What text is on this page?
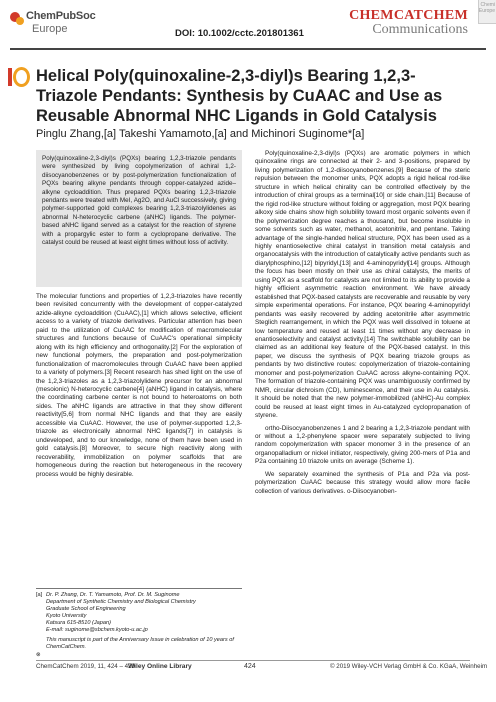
ChemPubSoc
Europe	DOI: 10.1002/cctc.201801361
CHEMCATCHEM
Communications
Chemi
Europe
Helical Poly(quinoxaline-2,3-diyl)s Bearing 1,2,3-Triazole Pendants: Synthesis by CuAAC and Use as Reusable Abnormal NHC Ligands in Gold Catalysis
Pinglu Zhang,[a] Takeshi Yamamoto,[a] and Michinori Suginome*[a]
Poly(quinoxaline-2,3-diyl)s (PQXs) bearing 1,2,3-triazole pendants were synthesized by living copolymerization of achiral 1,2-diisocyanobenzenes or by post-polymerization functionalization of PQXs bearing alkyne pendants through copper-catalyzed azide–alkyne cycloaddition. Thus prepared PQXs bearing 1,2,3-triazole pendants were treated with MeI, Ag2O, and AuCl successively, giving polymer-supported gold complexes bearing 1,2,3-triazolylidenes as abnormal N-heterocyclic carbene (aNHC) ligands. The polymer-based aNHC ligand served as a catalyst for the reaction of styrene with a propargylic ester to form a cyclopropane derivative. The catalyst could be reused at least eight times without loss of activity.

The molecular functions and properties of 1,2,3-triazoles have recently been revisited concurrently with the development of copper-catalyzed azide-alkyne cycloaddition (CuAAC),[1] which allows selective, efficient access to a variety of triazole derivatives. Particular attention has been paid to the utilization of CuAAC for modification of macromolecular structures and functions because of CuAAC's operational simplicity along with its high efficiency and orthogonality.[2] For the exploration of new functional polymers, the preparation and post-polymerization functionalization of macromolecules through CuAAC have been applied to a variety of polymers.[3] Recent research has shed light on the use of the 1,2,3-triazoles as a 1,2,3-triazolylidene precursor for an abnormal (mesoionic) N-heterocyclic carbene[4] (aNHC) ligand in catalysis, where the coordinating carbene center is not bound to heteroatoms on both sides. The aNHC ligands are attractive in that they show different reactivity[5,6] from normal NHC ligands and that they are easily accessible via CuAAC. However, the use of polymer-supported 1,2,3-triazole as electronically abnormal NHC ligands[7] in catalysis is undeveloped, and to our knowledge, none of them have been used in gold catalysis.[8] Moreover, to secure high reactivity along with recoverability, immobilization on polymer scaffolds that are homogeneous during the reaction but heterogeneous in the recovery process would be highly desirable.

Poly(quinoxaline-2,3-diyl)s (PQXs) are aromatic polymers in which quinoxaline rings are connected at their 2- and 3-positions, prepared by living polymerization of 1,2-diisocyanobenzenes.[9] Because of the steric repulsion between the monomer units, PQX adopts a rigid helical rod-like structure in which helical chirality can be controlled effectively by the introduction of chiral groups as a terminal[10] or side chain.[11] Because of the rigid rod-like structure without folding or aggregation, most PQX bearing alkoxy side chains show high solubility toward most organic solvents even if the polymerization degree reaches a thousand, but become insoluble in some solvents such as water, methanol, acetonitrile, and pentane. Taking advantage of the single-handed helical structure, PQX has been used as a highly enantioselective chiral catalyst in transition metal catalysis and organocatalysis with the introduction of catalytically active pendants such as diarylphosphino,[12] bipyridyl,[13] and 4-aminopyridyl[14] groups. Although the focus has been mostly on their use as chiral catalysts, the merits of using PQX as a scaffold for catalysts are not limited to its ability to provide a highly efficient asymmetric reaction environment. We have already established that PQX-based catalysts are recoverable and reusable by very simple experimental operations. For instance, PQX bearing 4-aminopyridyl pendants was easily recovered by adding acetonitrile after asymmetric Steglich rearrangement, in which the PQX was well dissolved in toluene at low temperature and reused at least 11 times without any decrease in enantioselectivity and catalyst activity.[14] The switchable solubility can be claimed as an additional key feature of the PQX-based catalyst. In this paper, we discuss the synthesis of PQX bearing triazole groups as pendants by two distinctive routes: copolymerization of triazole-containing monomer and post-polymerization CuAAC across alkyne-containing PQX. The formation of triazole-containing PQX was unambiguously confirmed by NMR, circular dichroism (CD), luminescence, and their use in Au catalysis. It should be noted that the new polymer-immobilized (aNHC)-Au complex could be reused at least eight times in Au-catalyzed cyclopropanation of styrene.

ortho-Diisocyanobenzenes 1 and 2 bearing a 1,2,3-triazole pendant with or without a 1,2-phenylene spacer were separately subjected to living random copolymerization with spacer monomer 3 in the presence of an organopalladium or nickel initiator, respectively, giving 200-mers of P1a and P2a containing 10 triazole units on average (Scheme 1).

We separately examined the synthesis of P1a and P2a via post-polymerization CuAAC because this strategy would allow more facile collection of various derivatives. o-Diisocyanoben-

[a] Dr. P. Zhang, Dr. T. Yamamoto, Prof. Dr. M. Suginome
Department of Synthetic Chemistry and Biological Chemistry
Graduate School of Engineering
Kyoto University
Katsura 615-8510 (Japan)
E-mail: suginome@sbchem.kyoto-u.ac.jp
⊗
This manuscript is part of the Anniversary Issue in celebration of 10 years of ChemCatChem.
ChemCatChem 2019, 11, 424 – 429
Wiley Online Library	424	© 2019 Wiley-VCH Verlag GmbH & Co. KGaA, Weinheim
